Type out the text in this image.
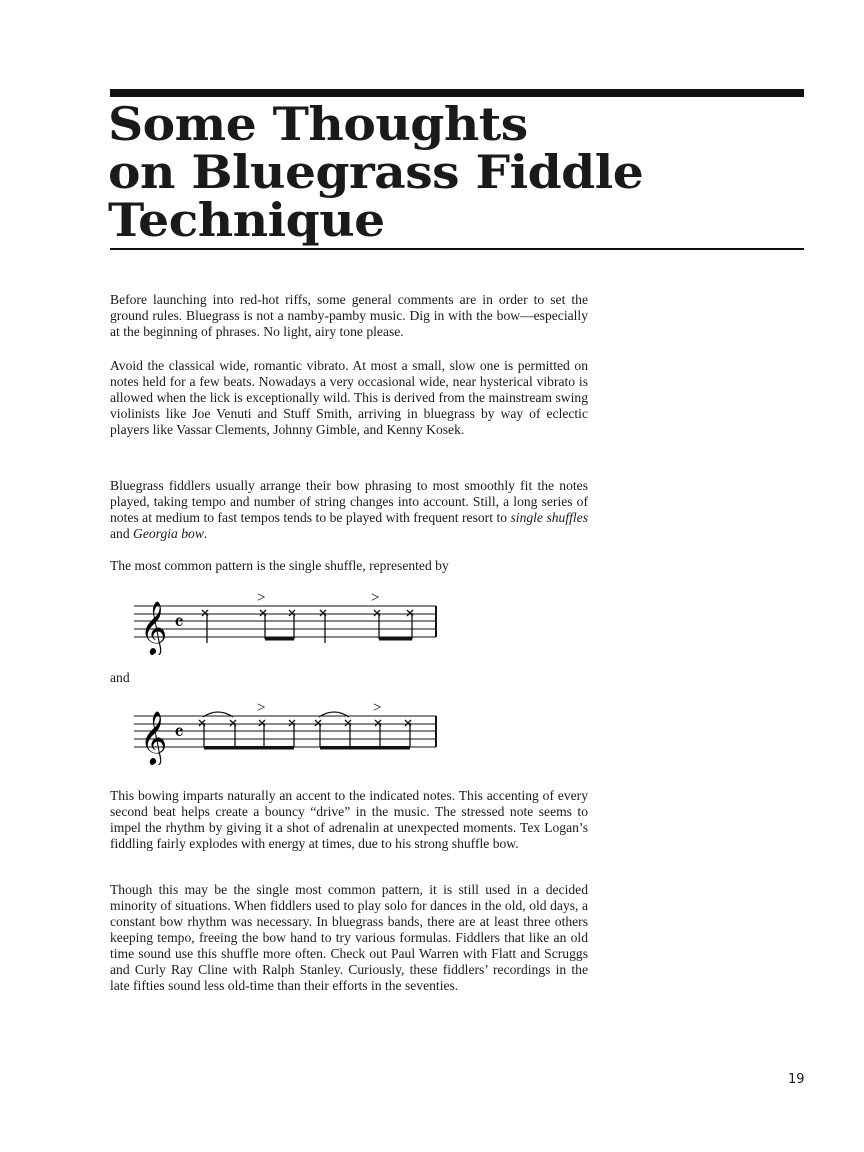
Some Thoughts
on Bluegrass Fiddle
Technique

Before launching into red-hot riffs, some general comments are in order to set the ground rules. Bluegrass is not a namby-pamby music. Dig in with the bow—especially at the beginning of phrases. No light, airy tone please.

Avoid the classical wide, romantic vibrato. At most a small, slow one is permitted on notes held for a few beats. Nowadays a very occasional wide, near hysterical vibrato is allowed when the lick is exceptionally wild. This is derived from the mainstream swing violinists like Joe Venuti and Stuff Smith, arriving in bluegrass by way of eclectic players like Vassar Clements, Johnny Gimble, and Kenny Kosek.

Bluegrass fiddlers usually arrange their bow phrasing to most smoothly fit the notes played, taking tempo and number of string changes into account. Still, a long series of notes at medium to fast tempos tends to be played with frequent resort to single shuffles and Georgia bow.

The most common pattern is the single shuffle, represented by

𝄞 𝄴
>	>

and

𝄞 𝄴
>	>

This bowing imparts naturally an accent to the indicated notes. This accenting of every second beat helps create a bouncy “drive” in the music. The stressed note seems to impel the rhythm by giving it a shot of adrenalin at unexpected moments. Tex Logan’s fiddling fairly explodes with energy at times, due to his strong shuffle bow.

Though this may be the single most common pattern, it is still used in a decided minority of situations. When fiddlers used to play solo for dances in the old, old days, a constant bow rhythm was necessary. In bluegrass bands, there are at least three others keeping tempo, freeing the bow hand to try various formulas. Fiddlers that like an old time sound use this shuffle more often. Check out Paul Warren with Flatt and Scruggs and Curly Ray Cline with Ralph Stanley. Curiously, these fiddlers’ recordings in the late fifties sound less old-time than their efforts in the seventies.

19
